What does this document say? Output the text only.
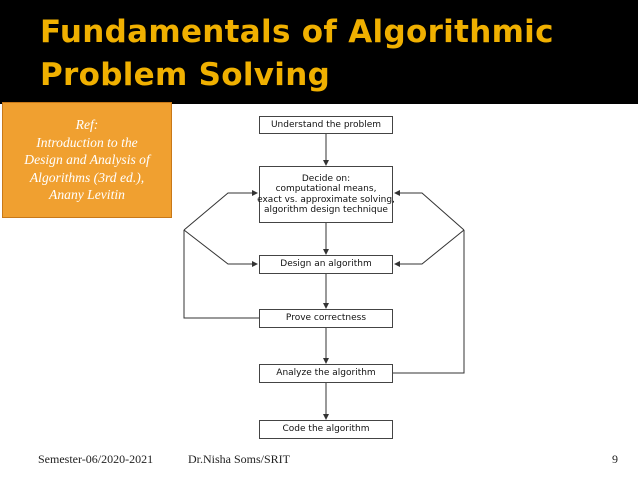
Fundamentals of Algorithmic
Problem Solving
Ref:
Introduction to the
Design and Analysis of
Algorithms (3rd ed.),
Anany Levitin
Understand the problem
Decide on:
computational means,
exact vs. approximate solving,
algorithm design technique
Design an algorithm
Prove correctness
Analyze the algorithm
Code the algorithm
Semester-06/2020-2021	Dr.Nisha Soms/SRIT	9
